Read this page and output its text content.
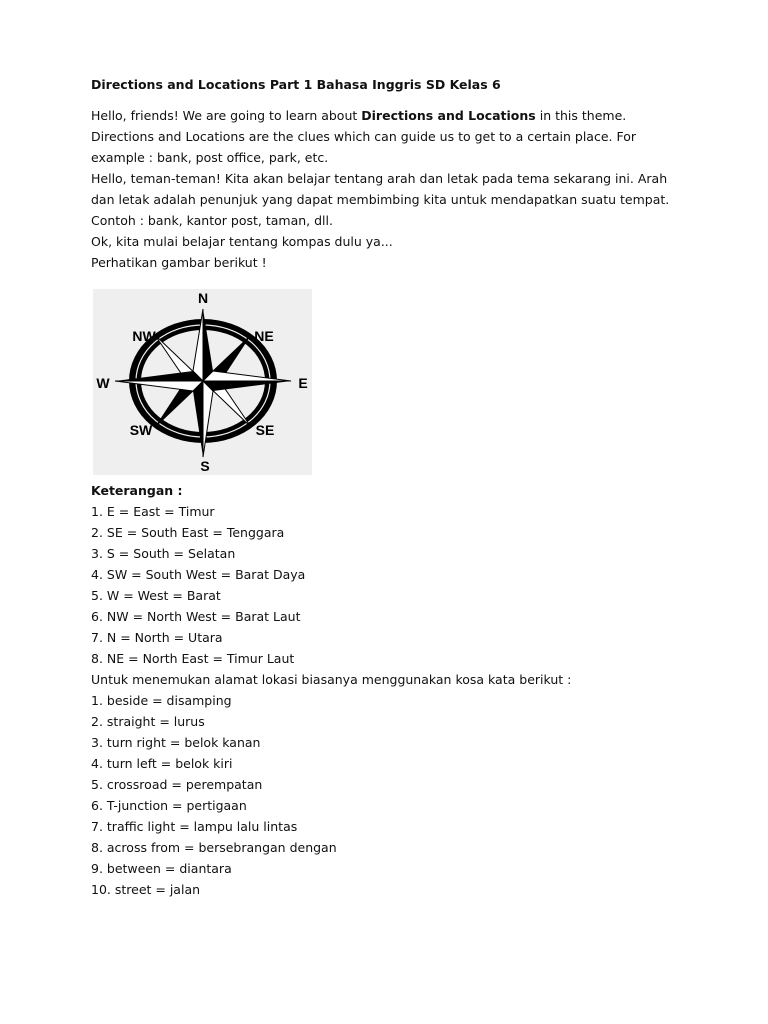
Directions and Locations Part 1 Bahasa Inggris SD Kelas 6
Hello, friends! We are going to learn about Directions and Locations in this theme.
Directions and Locations are the clues which can guide us to get to a certain place. For
example : bank, post office, park, etc.
Hello, teman-teman! Kita akan belajar tentang arah dan letak pada tema sekarang ini. Arah
dan letak adalah penunjuk yang dapat membimbing kita untuk mendapatkan suatu tempat.
Contoh : bank, kantor post, taman, dll.
Ok, kita mulai belajar tentang kompas dulu ya...
Perhatikan gambar berikut !
N
NE
E
SE
S
SW
W
NW
Keterangan :
1. E = East = Timur
2. SE = South East = Tenggara
3. S = South = Selatan
4. SW = South West = Barat Daya
5. W = West = Barat
6. NW = North West = Barat Laut
7. N = North = Utara
8. NE = North East = Timur Laut
Untuk menemukan alamat lokasi biasanya menggunakan kosa kata berikut :
1. beside = disamping
2. straight = lurus
3. turn right = belok kanan
4. turn left = belok kiri
5. crossroad = perempatan
6. T-junction = pertigaan
7. traffic light = lampu lalu lintas
8. across from = bersebrangan dengan
9. between = diantara
10. street = jalan
